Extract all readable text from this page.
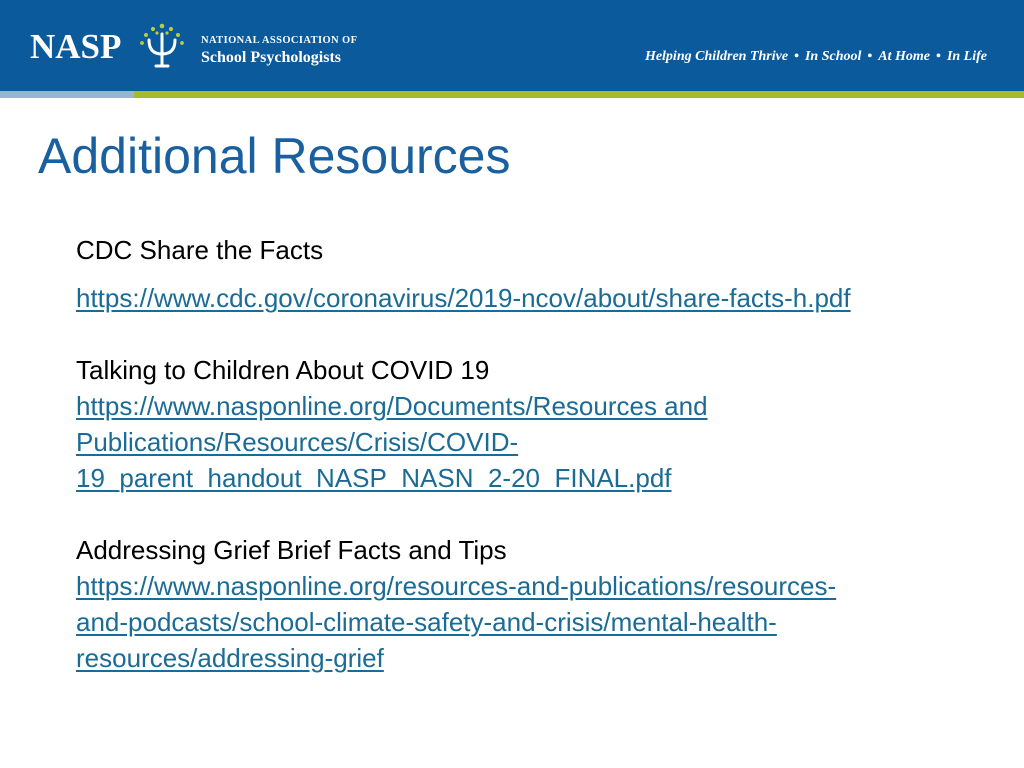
NASP	NATIONAL ASSOCIATION OF
School Psychologists	Helping Children Thrive • In School • At Home • In Life
Additional Resources
CDC Share the Facts
https://www.cdc.gov/coronavirus/2019-ncov/about/share-facts-h.pdf
Talking to Children About COVID 19
https://www.nasponline.org/Documents/Resources and
Publications/Resources/Crisis/COVID-
19_parent_handout_NASP_NASN_2-20_FINAL.pdf
Addressing Grief Brief Facts and Tips
https://www.nasponline.org/resources-and-publications/resources-
and-podcasts/school-climate-safety-and-crisis/mental-health-
resources/addressing-grief
